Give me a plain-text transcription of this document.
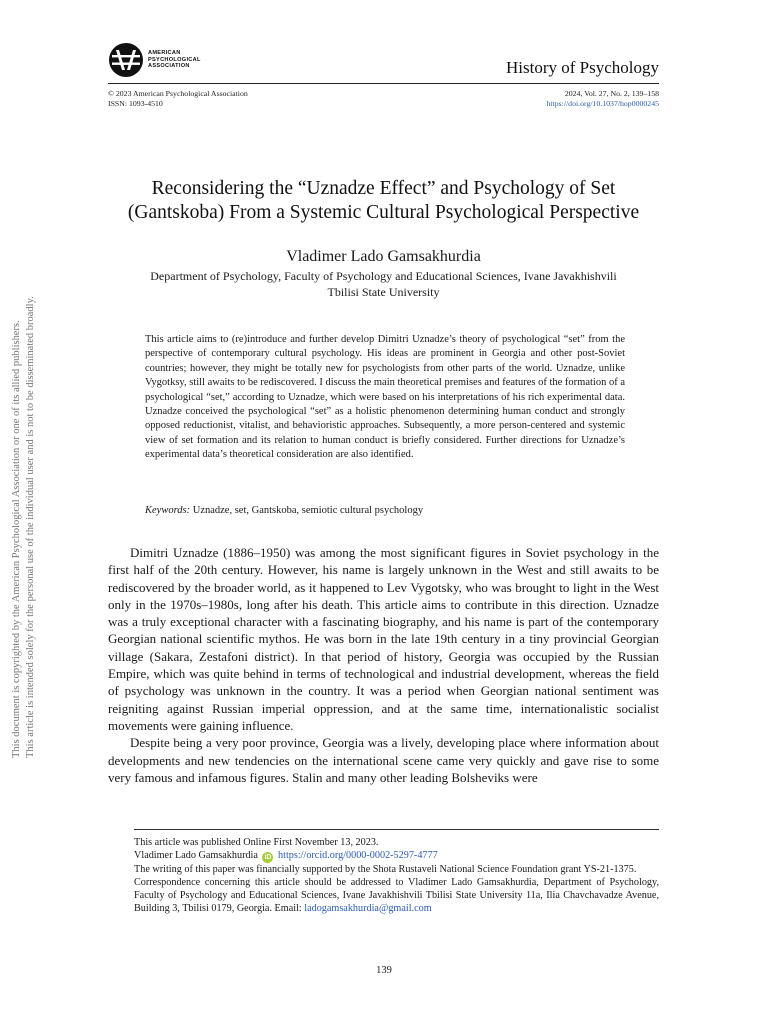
This document is copyrighted by the American Psychological Association or one of its allied publishers. This article is intended solely for the personal use of the individual user and is not to be disseminated broadly.
AMERICAN
PSYCHOLOGICAL
ASSOCIATION	History of Psychology
© 2023 American Psychological Association
ISSN: 1093-4510
2024, Vol. 27, No. 2, 139–158
https://doi.org/10.1037/hop0000245
Reconsidering the “Uznadze Effect” and Psychology of Set
(Gantskoba) From a Systemic Cultural Psychological Perspective
Vladimer Lado Gamsakhurdia
Department of Psychology, Faculty of Psychology and Educational Sciences, Ivane Javakhishvili
Tbilisi State University
This article aims to (re)introduce and further develop Dimitri Uznadze’s theory of psychological “set” from the perspective of contemporary cultural psychology. His ideas are prominent in Georgia and other post-Soviet countries; however, they might be totally new for psychologists from other parts of the world. Uznadze, unlike Vygotksy, still awaits to be rediscovered. I discuss the main theoretical premises and features of the formation of a psychological “set,” according to Uznadze, which were based on his interpretations of his rich experimental data. Uznadze conceived the psychological “set” as a holistic phenomenon determining human conduct and strongly opposed reductionist, vitalist, and behavioristic approaches. Subsequently, a more person-centered and systemic view of set formation and its relation to human conduct is briefly considered. Further directions for Uznadze’s experimental data’s theoretical consideration are also identified.
Keywords: Uznadze, set, Gantskoba, semiotic cultural psychology

Dimitri Uznadze (1886–1950) was among the most significant figures in Soviet psychology in the first half of the 20th century. However, his name is largely unknown in the West and still awaits to be rediscovered by the broader world, as it happened to Lev Vygotsky, who was brought to light in the West only in the 1970s–1980s, long after his death. This article aims to contribute in this direction. Uznadze was a truly exceptional character with a fascinating biography, and his name is part of the contemporary Georgian national scientific mythos. He was born in the late 19th century in a tiny provincial Georgian village (Sakara, Zestafoni district). In that period of history, Georgia was occupied by the Russian Empire, which was quite behind in terms of technological and industrial development, whereas the field of psychology was unknown in the country. It was a period when Georgian national sentiment was reigniting against Russian imperial oppression, and at the same time, internationalistic socialist movements were gaining influence.

Despite being a very poor province, Georgia was a lively, developing place where information about developments and new tendencies on the international scene came very quickly and gave rise to some very famous and infamous figures. Stalin and many other leading Bolsheviks were

This article was published Online First November 13, 2023.

Vladimer Lado Gamsakhurdia iD https://orcid.org/0000-0002-5297-4777

The writing of this paper was financially supported by the Shota Rustaveli National Science Foundation grant YS-21-1375.

Correspondence concerning this article should be addressed to Vladimer Lado Gamsakhurdia, Department of Psychology, Faculty of Psychology and Educational Sciences, Ivane Javakhishvili Tbilisi State University 11a, Ilia Chavchavadze Avenue, Building 3, Tbilisi 0179, Georgia. Email: ladogamsakhurdia@gmail.com

139
